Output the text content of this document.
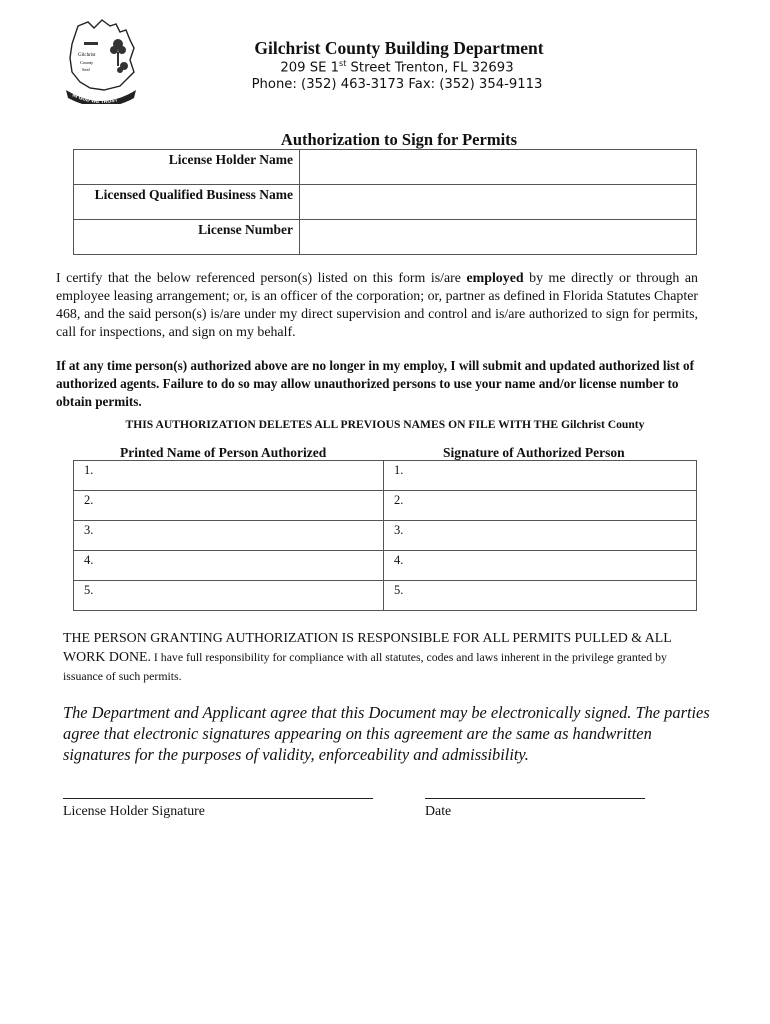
Gilchrist
County
Seal
IN GOD WE TRUST
Gilchrist County Building Department
209 SE 1st Street Trenton, FL 32693
Phone: (352) 463-3173 Fax: (352) 354-9113
Authorization to Sign for Permits
License Holder Name	
Licensed Qualified Business Name	
License Number	
I certify that the below referenced person(s) listed on this form is/are employed by me directly or through an employee leasing arrangement; or, is an officer of the corporation; or, partner as defined in Florida Statutes Chapter 468, and the said person(s) is/are under my direct supervision and control and is/are authorized to sign for permits, call for inspections, and sign on my behalf.
If at any time person(s) authorized above are no longer in my employ, I will submit and updated authorized list of authorized agents. Failure to do so may allow unauthorized persons to use your name and/or license number to obtain permits.
THIS AUTHORIZATION DELETES ALL PREVIOUS NAMES ON FILE WITH THE Gilchrist County
Printed Name of Person Authorized	Signature of Authorized Person
1.	1.
2.	2.
3.	3.
4.	4.
5.	5.
THE PERSON GRANTING AUTHORIZATION IS RESPONSIBLE FOR ALL PERMITS PULLED & ALL WORK DONE. I have full responsibility for compliance with all statutes, codes and laws inherent in the privilege granted by issuance of such permits.
The Department and Applicant agree that this Document may be electronically signed. The parties agree that electronic signatures appearing on this agreement are the same as handwritten signatures for the purposes of validity, enforceability and admissibility.
License Holder Signature	Date
